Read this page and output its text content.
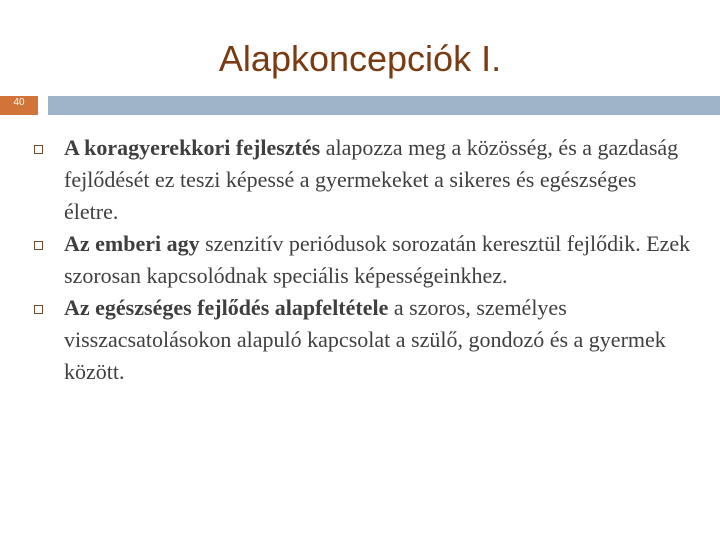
Alapkoncepciók I.
40
A koragyerekkori fejlesztés alapozza meg a közösség, és a gazdaság fejlődését ez teszi képessé a gyermekeket a sikeres és egészséges életre.
Az emberi agy szenzitív periódusok sorozatán keresztül fejlődik. Ezek szorosan kapcsolódnak speciális képességeinkhez.
Az egészséges fejlődés alapfeltétele a szoros, személyes visszacsatolásokon alapuló kapcsolat a szülő, gondozó és a gyermek között.
